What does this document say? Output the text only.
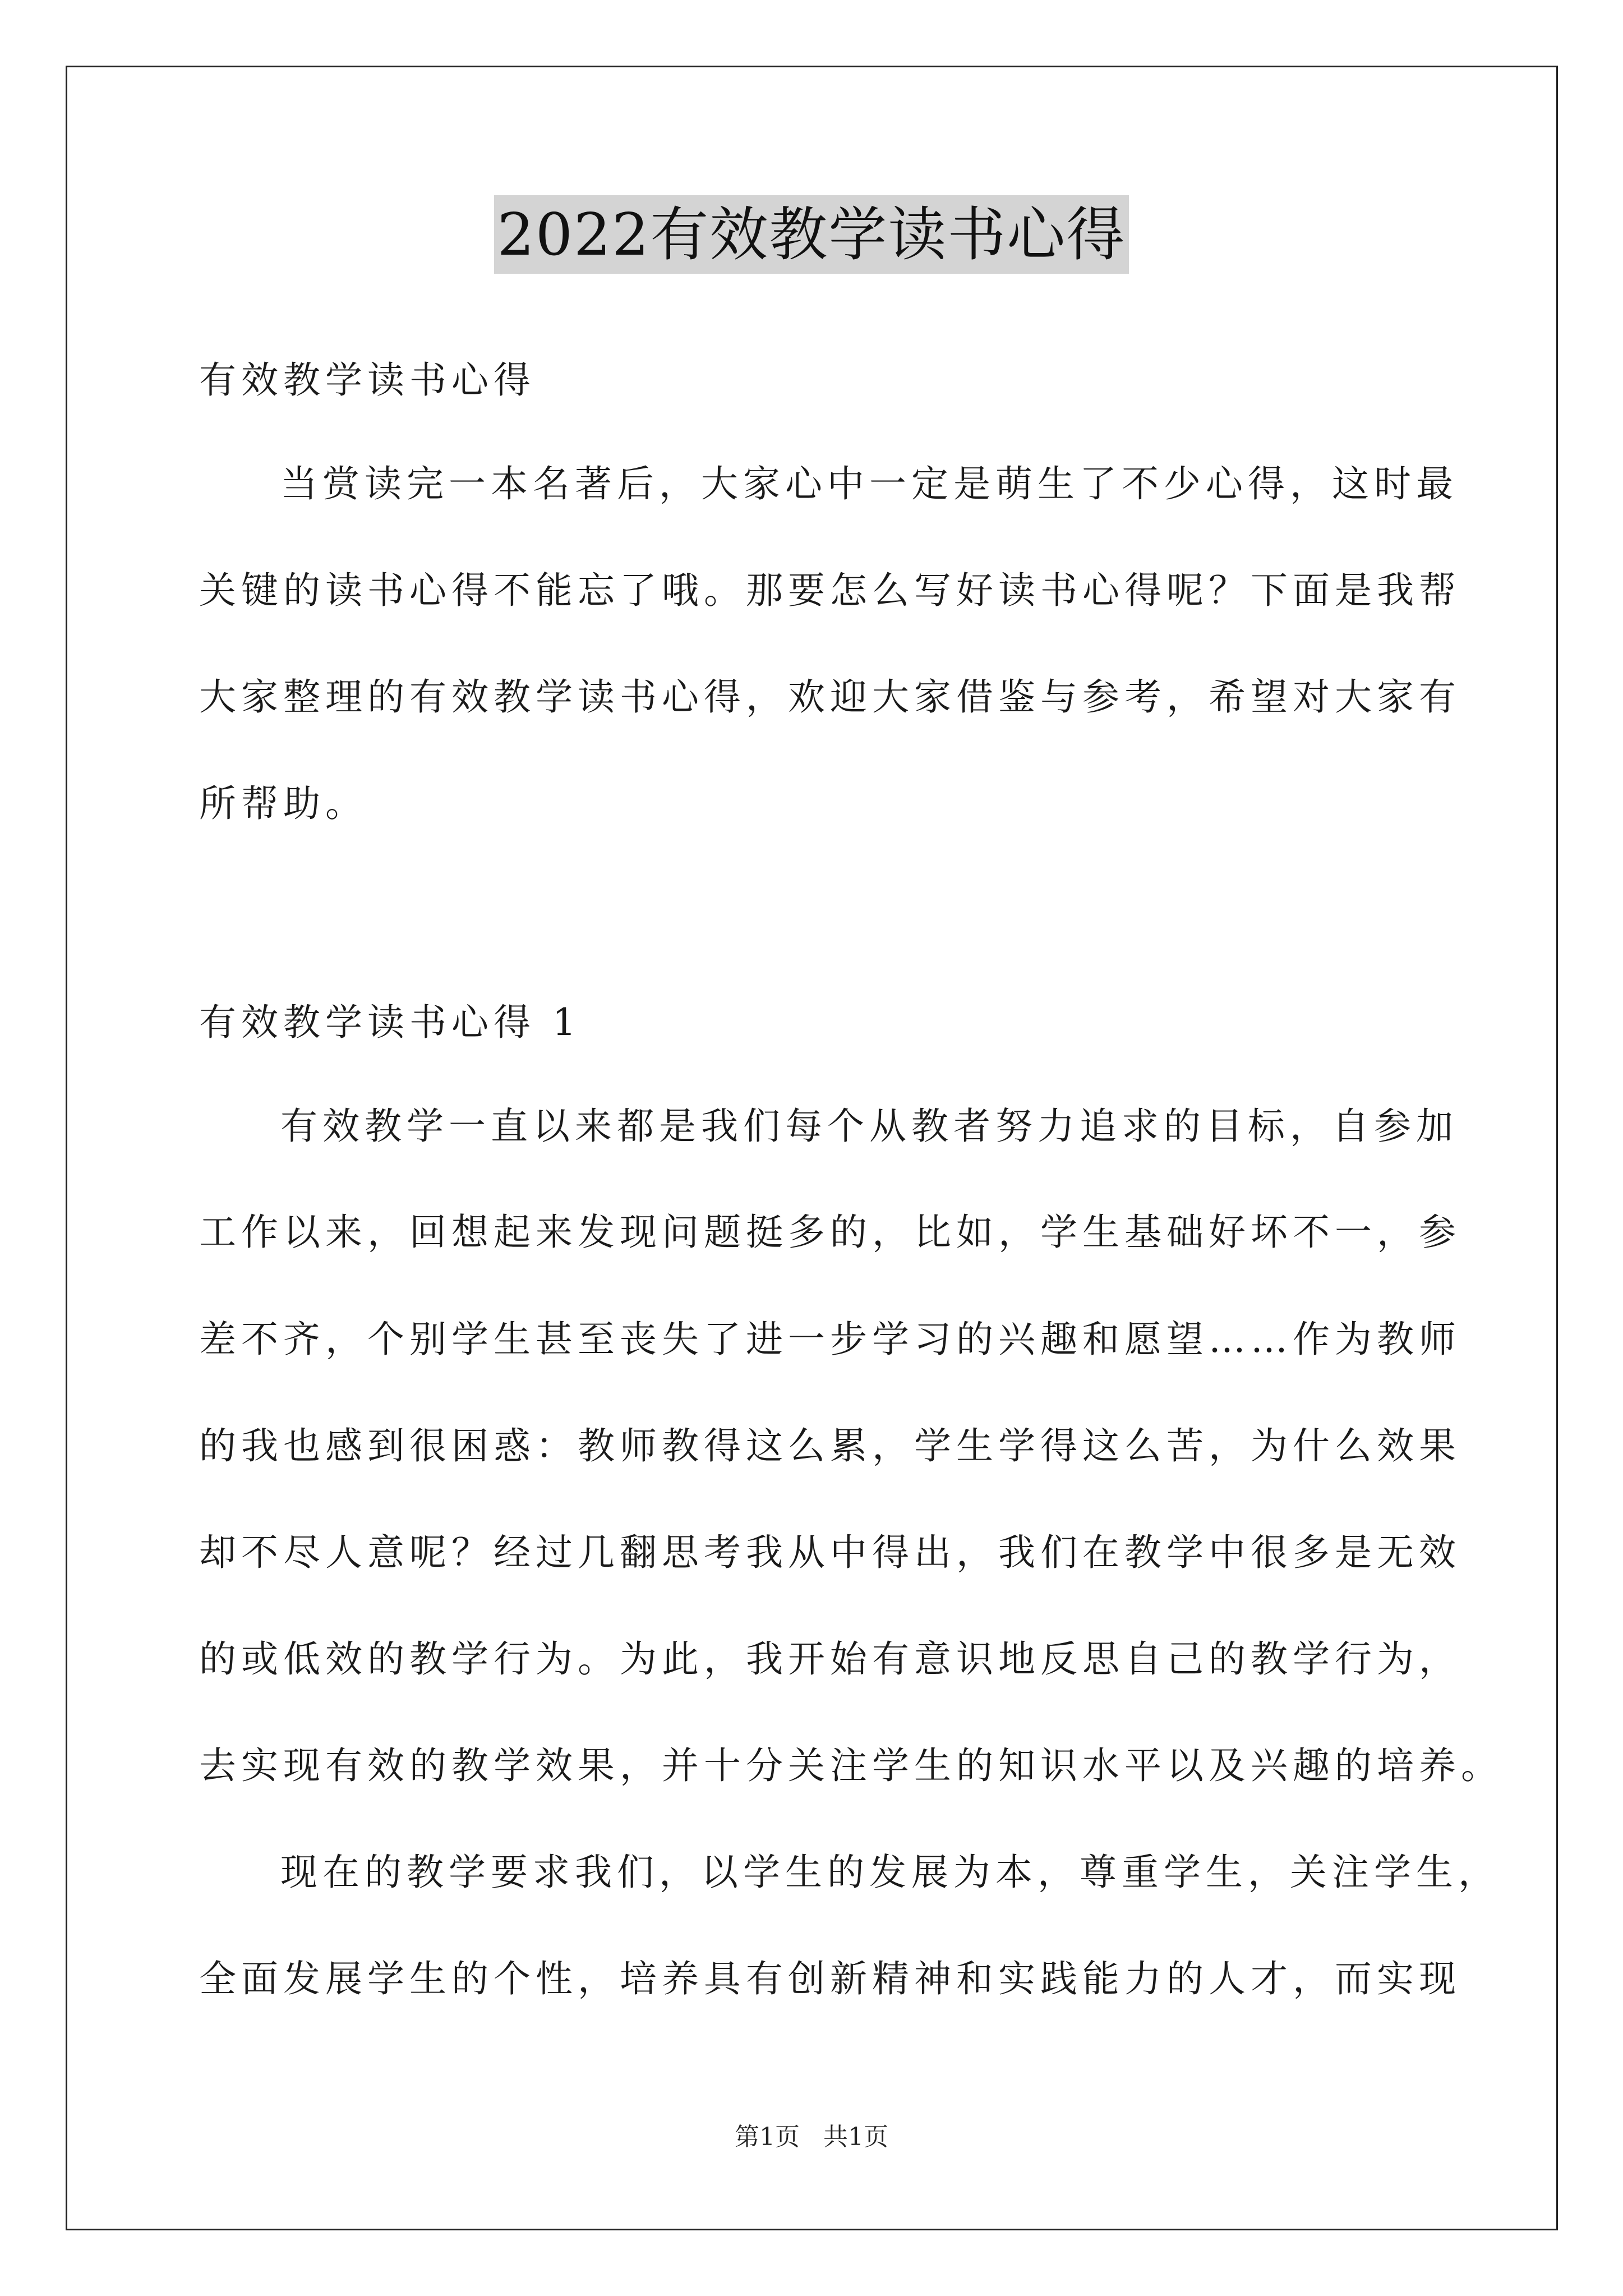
2022有效教学读书心得
有效教学读书心得
当赏读完一本名著后，大家心中一定是萌生了不少心得，这时最
关键的读书心得不能忘了哦。那要怎么写好读书心得呢？下面是我帮
大家整理的有效教学读书心得，欢迎大家借鉴与参考，希望对大家有
所帮助。
有效教学读书心得 1
有效教学一直以来都是我们每个从教者努力追求的目标，自参加
工作以来，回想起来发现问题挺多的，比如，学生基础好坏不一，参
差不齐，个别学生甚至丧失了进一步学习的兴趣和愿望……作为教师
的我也感到很困惑：教师教得这么累，学生学得这么苦，为什么效果
却不尽人意呢？经过几翻思考我从中得出，我们在教学中很多是无效
的或低效的教学行为。为此，我开始有意识地反思自己的教学行为，
去实现有效的教学效果，并十分关注学生的知识水平以及兴趣的培养。
现在的教学要求我们，以学生的发展为本，尊重学生，关注学生，
全面发展学生的个性，培养具有创新精神和实践能力的人才，而实现
第1页   共1页
